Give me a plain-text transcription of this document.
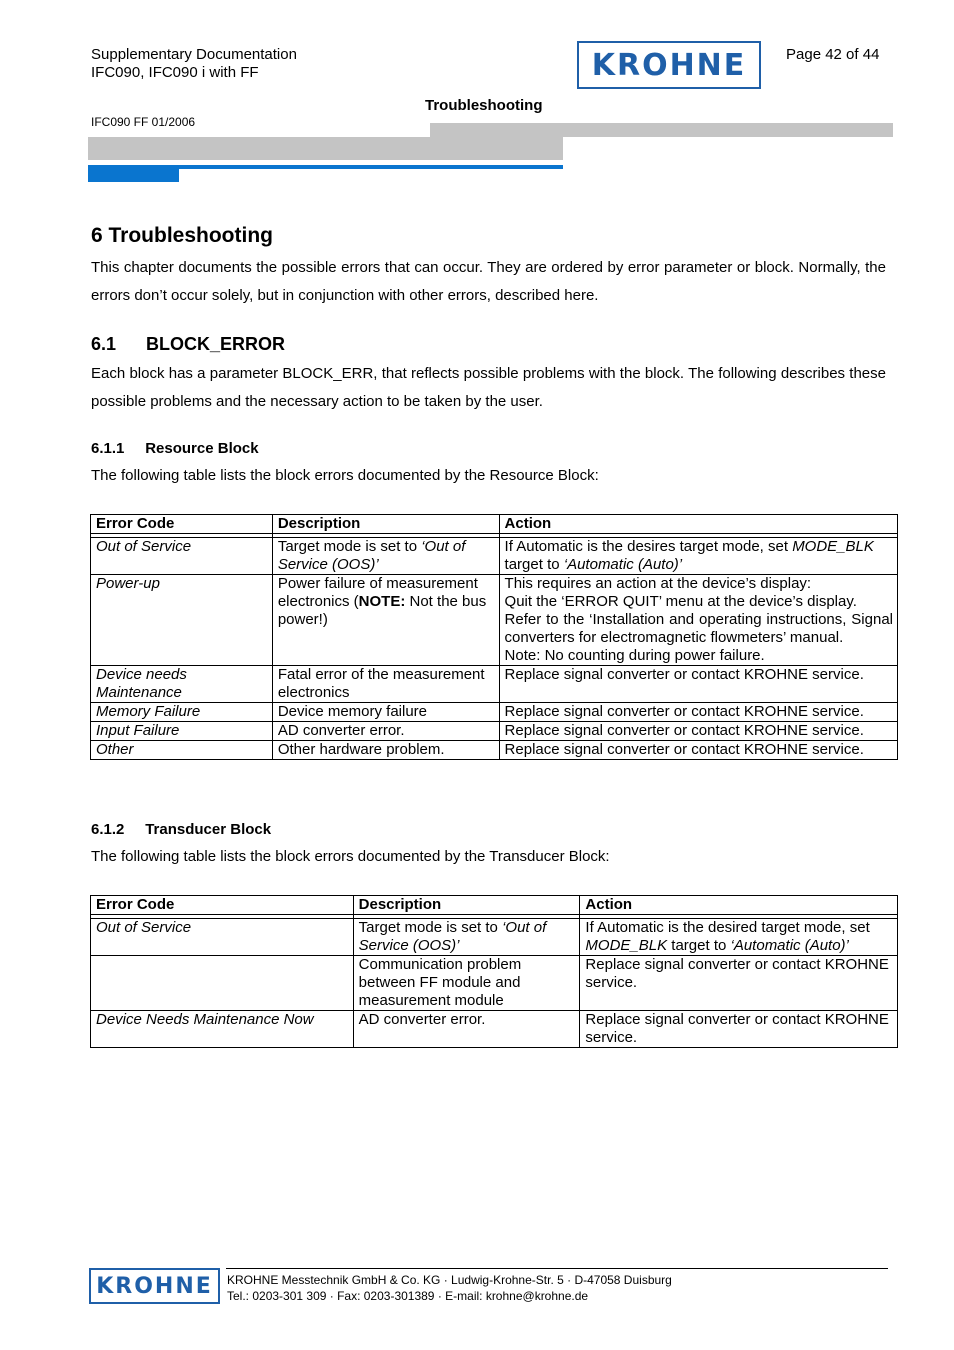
Supplementary Documentation
IFC090, IFC090 i with FF	KROHNE	Page 42 of 44
Troubleshooting
IFC090 FF 01/2006
6 Troubleshooting
This chapter documents the possible errors that can occur. They are ordered by error parameter or block. Normally, the errors don’t occur solely, but in conjunction with other errors, described here.
6.1      BLOCK_ERROR
Each block has a parameter BLOCK_ERR, that reflects possible problems with the block. The following describes these possible problems and the necessary action to be taken by the user.
6.1.1     Resource Block
The following table lists the block errors documented by the Resource Block:
Error Code	Description	Action

Out of Service	Target mode is set to ‘Out of Service (OOS)’	If Automatic is the desires target mode, set MODE_BLK target to ‘Automatic (Auto)’
Power-up	Power failure of measurement electronics (NOTE: Not the bus power!)	This requires an action at the device’s display:
Quit the ‘ERROR QUIT’ menu at the device’s display.
Refer to the ‘Installation and operating instructions, Signal converters for electromagnetic flowmeters’ manual.
Note: No counting during power failure.

Device needs Maintenance	Fatal error of the measurement electronics	Replace signal converter or contact KROHNE service.
Memory Failure	Device memory failure	Replace signal converter or contact KROHNE service.
Input Failure	AD converter error.	Replace signal converter or contact KROHNE service.
Other	Other hardware problem.	Replace signal converter or contact KROHNE service.
6.1.2     Transducer Block
The following table lists the block errors documented by the Transducer Block:
Error Code	Description	Action

Out of Service	Target mode is set to ‘Out of Service (OOS)’	If Automatic is the desired target mode, set MODE_BLK target to ‘Automatic (Auto)’
	Communication problem between FF module and measurement module	Replace signal converter or contact KROHNE service.
Device Needs Maintenance Now	AD converter error.	Replace signal converter or contact KROHNE service.
KROHNE KROHNE Messtechnik GmbH & Co. KG · Ludwig-Krohne-Str. 5 · D-47058 Duisburg
Tel.: 0203-301 309 · Fax: 0203-301389 · E-mail: krohne@krohne.de
